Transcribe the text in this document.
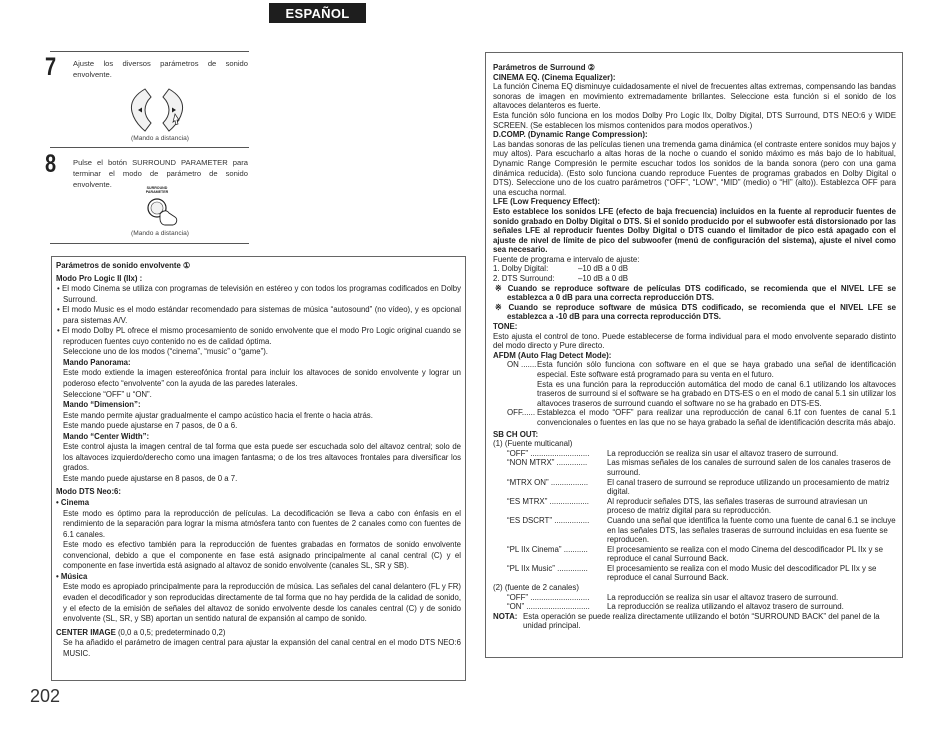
ESPAÑOL
7 Ajuste los diversos parámetros de sonido envolvente.
(Mando a distancia)
8 Pulse el botón SURROUND PARAMETER para terminar el modo de parámetro de sonido envolvente.	SURROUND PARAMETER
(Mando a distancia)

Parámetros de sonido envolvente ①

Modo Pro Logic II (IIx) :

• El modo Cinema se utiliza con programas de televisión en estéreo y con todos los programas codificados en Dolby Surround.

• El modo Music es el modo estándar recomendado para sistemas de música “autosound” (no vídeo), y es opcional para sistemas A/V.

• El modo Dolby PL ofrece el mismo procesamiento de sonido envolvente que el modo Pro Logic original cuando se reproducen fuentes cuyo contenido no es de calidad óptima.

Seleccione uno de los modos (“cinema”, “music” o “game”).

Mando Panorama:

Este modo extiende la imagen estereofónica frontal para incluir los altavoces de sonido envolvente y lograr un poderoso efecto “envolvente” con la ayuda de las paredes laterales.

Seleccione “OFF” u “ON”.

Mando “Dimension”:

Este mando permite ajustar gradualmente el campo acústico hacia el frente o hacia atrás.

Este mando puede ajustarse en 7 pasos, de 0 a 6.

Mando “Center Width”:

Este control ajusta la imagen central de tal forma que esta puede ser escuchada solo del altavoz central; solo de los altavoces izquierdo/derecho como una imagen fantasma; o de los tres altavoces frontales para diversificar los grados.

Este mando puede ajustarse en 8 pasos, de 0 a 7.

Modo DTS Neo:6:

• Cinema

Este modo es óptimo para la reproducción de películas. La decodificación se lleva a cabo con énfasis en el rendimiento de la separación para lograr la misma atmósfera tanto con fuentes de 2 canales como con fuentes de 6.1 canales.

Este modo es efectivo también para la reproducción de fuentes grabadas en formatos de sonido envolvente convencional, debido a que el componente en fase está asignado principalmente al canal central (C) y el componente en fase invertida está asignado al altavoz de sonido envolvente (canales SL, SR y SB).

• Música

Este modo es apropiado principalmente para la reproducción de música. Las señales del canal delantero (FL y FR) evaden el decodificador y son reproducidas directamente de tal forma que no hay perdida de la calidad de sonido, y el efecto de la emisión de señales del altavoz de sonido envolvente desde los canales central (C) y de sonido envolvente (SL, SR, y SB) aportan un sentido natural de expansión al campo de sonido.

CENTER IMAGE (0,0 a 0,5; predeterminado 0,2)

Se ha añadido el parámetro de imagen central para ajustar la expansión del canal central en el modo DTS NEO:6 MUSIC.

Parámetros de Surround ②

CINEMA EQ. (Cinema Equalizer):

La función Cinema EQ disminuye cuidadosamente el nivel de frecuentes altas extremas, compensando las bandas sonoras de imagen en movimiento extremadamente brillantes. Seleccione esta función si el sonido de los altavoces delanteros es fuerte.

Esta función sólo funciona en los modos Dolby Pro Logic IIx, Dolby Digital, DTS Surround, DTS NEO:6 y WIDE SCREEN. (Se establecen los mismos contenidos para modos operativos.)

D.COMP. (Dynamic Range Compression):

Las bandas sonoras de las películas tienen una tremenda gama dinámica (el contraste entere sonidos muy bajos y muy altos). Para escucharlo a altas horas de la noche o cuando el sonido máximo es más bajo de lo habitual, Dynamic Range Compresión le permite escuchar todos los sonidos de la banda sonora (pero con una gama dinámica reducida). (Esto solo funciona cuando reproduce Fuentes de programas grabados en Dolby Digital o DTS). Seleccione uno de los cuatro parámetros (“OFF”, “LOW”, “MID” (medio) o “HI” (alto)). Establezca OFF para una escucha normal.

LFE (Low Frequency Effect):

Esto establece los sonidos LFE (efecto de baja frecuencia) incluidos en la fuente al reproducir fuentes de sonido grabado en Dolby Digital o DTS. Si el sonido producido por el subwoofer está distorsionado por las señales LFE al reproducir fuentes Dolby Digital o DTS cuando el limitador de pico está apagado con el ajuste de nivel de límite de pico del subwoofer (menú de configuración del sistema), ajuste el nivel como sea necesario.

Fuente de programa e intervalo de ajuste:

1. Dolby Digital:	–10 dB a 0 dB
2. DTS Surround:	–10 dB a 0 dB

※ Cuando se reproduce software de películas DTS codificado, se recomienda que el NIVEL LFE se establezca a 0 dB para una correcta reproducción DTS.

※ Cuando se reproduce software de música DTS codificado, se recomienda que el NIVEL LFE se establezca a -10 dB para una correcta reproducción DTS.

TONE:

Esto ajusta el control de tono. Puede establecerse de forma individual para el modo envolvente separado distinto del modo directo y Pure directo.

AFDM (Auto Flag Detect Mode):

ON ....... Esta función sólo funciona con software en el que se haya grabado una señal de identificación especial. Este software está programado para su venta en el futuro.
Esta es una función para la reproducción automática del modo de canal 6.1 utilizando los altavoces traseros de surround si el software se ha grabado en DTS-ES o en el modo de canal 5.1 sin utilizar los altavoces traseros de surround cuando el software no se ha grabado en DTS-ES.
OFF...... Establezca el modo “OFF” para realizar una reproducción de canal 6.1f con fuentes de canal 5.1 convencionales o fuentes en las que no se haya grabado la señal de identificación descrita más abajo.

SB CH OUT:

(1) (Fuente multicanal)

“OFF” ...........................	La reproducción se realiza sin usar el altavoz trasero de surround.
“NON MTRX” ..............	Las mismas señales de los canales de surround salen de los canales traseros de surround.
“MTRX ON” .................	El canal trasero de surround se reproduce utilizando un procesamiento de matriz digital.
“ES MTRX” ..................	Al reproducir señales DTS, las señales traseras de surround atraviesan un proceso de matriz digital para su reproducción.
“ES DSCRT” ................	Cuando una señal que identifica la fuente como una fuente de canal 6.1 se incluye en las señales DTS, las señales traseras de surround incluidas en esa fuente se reproducen.
“PL IIx Cinema” ...........	El procesamiento se realiza con el modo Cinema del descodificador PL IIx y se reproduce el canal Surround Back.
“PL IIx Music” ..............	El procesamiento se realiza con el modo Music del descodificador PL IIx y se reproduce el canal Surround Back.

(2) (fuente de 2 canales)

“OFF” ...........................	La reproducción se realiza sin usar el altavoz trasero de surround.
“ON” .............................	La reproducción se realiza utilizando el altavoz trasero de surround.
NOTA: Esta operación se puede realiza directamente utilizando el botón “SURROUND BACK” del panel de la unidad principal.
202
